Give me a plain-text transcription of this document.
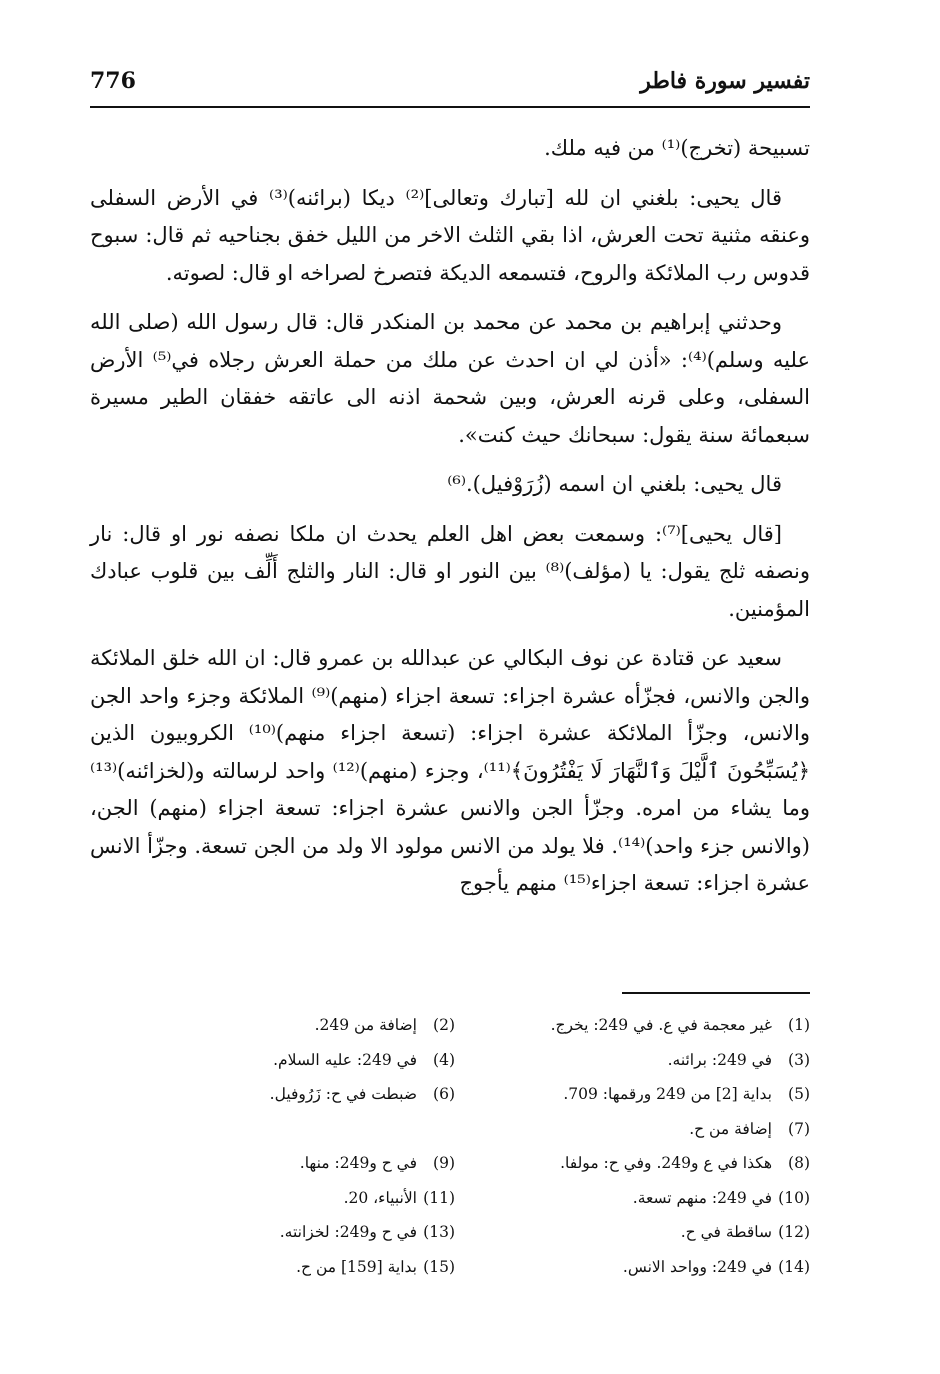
776	تفسير سورة فاطر

تسبيحة (تخرج)⁽¹⁾ من فيه ملك.

قال يحيى: بلغني ان لله [تبارك وتعالى]⁽²⁾ ديكا (برائنه)⁽³⁾ في الأرض السفلى وعنقه مثنية تحت العرش، اذا بقي الثلث الاخر من الليل خفق بجناحيه ثم قال: سبوح قدوس رب الملائكة والروح، فتسمعه الديكة فتصرخ لصراخه او قال: لصوته.

وحدثني إبراهيم بن محمد عن محمد بن المنكدر قال: قال رسول الله (صلى الله عليه وسلم)⁽⁴⁾: «أذن لي ان احدث عن ملك من حملة العرش رجلاه في⁽⁵⁾ الأرض السفلى، وعلى قرنه العرش، وبين شحمة اذنه الى عاتقه خفقان الطير مسيرة سبعمائة سنة يقول: سبحانك حيث كنت».

قال يحيى: بلغني ان اسمه (زُرَوْفيل).⁽⁶⁾

[قال يحيى]⁽⁷⁾: وسمعت بعض اهل العلم يحدث ان ملكا نصفه نور او قال: نار ونصفه ثلج يقول: يا (مؤلف)⁽⁸⁾ بين النور او قال: النار والثلج أَلِّف بين قلوب عبادك المؤمنين.

سعيد عن قتادة عن نوف البكالي عن عبدالله بن عمرو قال: ان الله خلق الملائكة والجن والانس، فجزّأه عشرة اجزاء: تسعة اجزاء (منهم)⁽⁹⁾ الملائكة وجزء واحد الجن والانس، وجزّأ الملائكة عشرة اجزاء: (تسعة اجزاء منهم)⁽¹⁰⁾ الكروبيون الذين ﴿يُسَبِّحُونَ ٱلَّيْلَ وَٱلنَّهَارَ لَا يَفْتُرُونَ﴾⁽¹¹⁾، وجزء (منهم)⁽¹²⁾ واحد لرسالته و(لخزائنه)⁽¹³⁾ وما يشاء من امره. وجزّأ الجن والانس عشرة اجزاء: تسعة اجزاء (منهم) الجن، (والانس جزء واحد)⁽¹⁴⁾. فلا يولد من الانس مولود الا ولد من الجن تسعة. وجزّأ الانس عشرة اجزاء: تسعة اجزاء⁽¹⁵⁾ منهم يأجوج

(1)غير معجمة في ع. في 249: يخرج.
(2)إضافة من 249.
(3)في 249: برائنه.
(4)في 249: عليه السلام.
(5)بداية [2] من 249 ورقمها: 709.
(6)ضبطت في ح: زَرُوفيل.
(7)إضافة من ح.
(8)هكذا في ع و249. وفي ح: مولفا.
(9)في ح و249: منها.
(10)في 249: منهم تسعة.
(11)الأنبياء، 20.
(12)ساقطة في ح.
(13)في ح و249: لخزانته.
(14)في 249: وواحد الانس.
(15)بداية [159] من ح.
